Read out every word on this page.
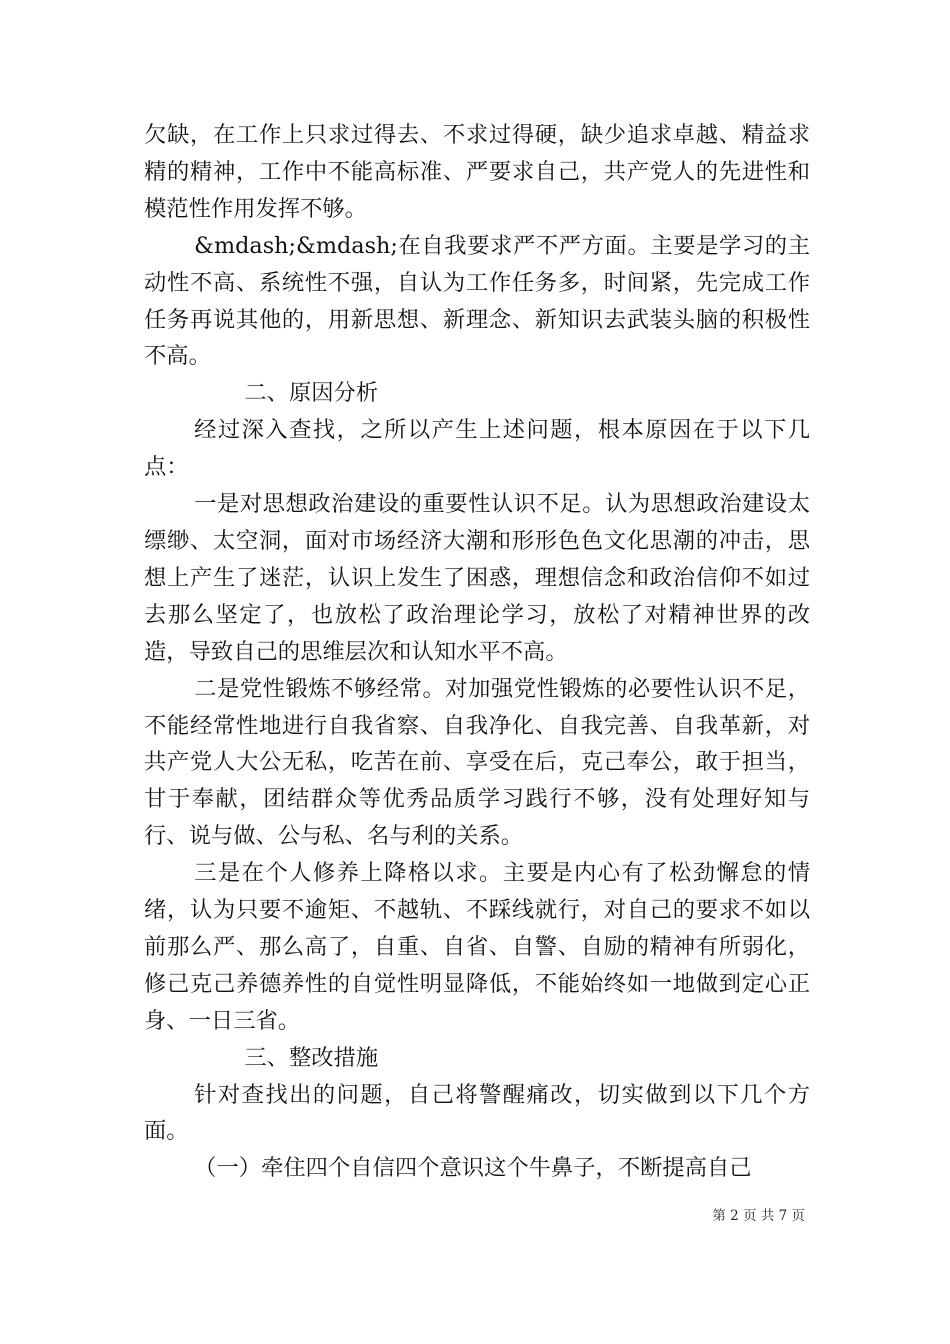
欠缺，在工作上只求过得去、不求过得硬，缺少追求卓越、精益求精的精神，工作中不能高标准、严要求自己，共产党人的先进性和模范性作用发挥不够。

&mdash;&mdash;在自我要求严不严方面。主要是学习的主动性不高、系统性不强，自认为工作任务多，时间紧，先完成工作任务再说其他的，用新思想、新理念、新知识去武装头脑的积极性不高。

二、原因分析

经过深入查找，之所以产生上述问题，根本原因在于以下几点：

一是对思想政治建设的重要性认识不足。认为思想政治建设太缥缈、太空洞，面对市场经济大潮和形形色色文化思潮的冲击，思想上产生了迷茫，认识上发生了困惑，理想信念和政治信仰不如过去那么坚定了，也放松了政治理论学习，放松了对精神世界的改造，导致自己的思维层次和认知水平不高。

二是党性锻炼不够经常。对加强党性锻炼的必要性认识不足，不能经常性地进行自我省察、自我净化、自我完善、自我革新，对共产党人大公无私，吃苦在前、享受在后，克己奉公，敢于担当，甘于奉献，团结群众等优秀品质学习践行不够，没有处理好知与行、说与做、公与私、名与利的关系。

三是在个人修养上降格以求。主要是内心有了松劲懈怠的情绪，认为只要不逾矩、不越轨、不踩线就行，对自己的要求不如以前那么严、那么高了，自重、自省、自警、自励的精神有所弱化，修己克己养德养性的自觉性明显降低，不能始终如一地做到定心正身、一日三省。

三、整改措施

针对查找出的问题，自己将警醒痛改，切实做到以下几个方面。

（一）牵住四个自信四个意识这个牛鼻子，不断提高自己

第 2 页 共 7 页
